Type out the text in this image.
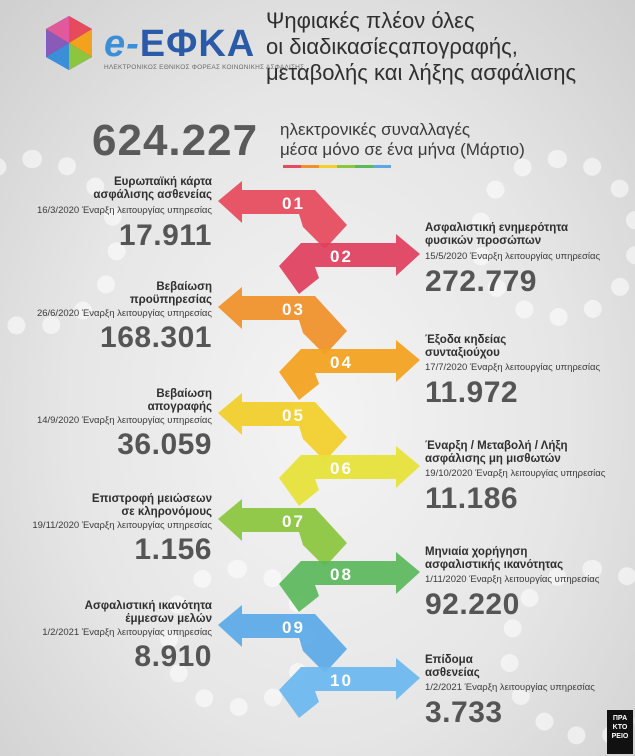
e-ΕΦΚΑ
ΗΛΕΚΤΡΟΝΙΚΟΣ ΕΘΝΙΚΟΣ ΦΟΡΕΑΣ ΚΟΙΝΩΝΙΚΗΣ ΑΣΦΑΛΙΣΗΣ
Ψηφιακές πλέον όλες
οι διαδικασίεςαπογραφής,
μεταβολής και λήξης ασφάλισης
624.227 ηλεκτρονικές συναλλαγές
μέσα μόνο σε ένα μήνα (Μάρτιο)
01
02
03
04
05
06
07
08
09
10
Ευρωπαϊκή κάρτα
ασφάλισης ασθενείας
16/3/2020 Έναρξη λειτουργίας υπηρεσίας
17.911	Ασφαλιστική ενημερότητα
φυσικών προσώπων
15/5/2020 Έναρξη λειτουργίας υπηρεσίας
272.779
Βεβαίωση
προϋπηρεσίας
26/6/2020 Έναρξη λειτουργίας υπηρεσίας
168.301	Έξοδα κηδείας
συνταξιούχου
17/7/2020 Έναρξη λειτουργίας υπηρεσίας
11.972
Βεβαίωση
απογραφής
14/9/2020 Έναρξη λειτουργίας υπηρεσίας
36.059	Έναρξη / Μεταβολή / Λήξη
ασφάλισης μη μισθωτών
19/10/2020 Έναρξη λειτουργίας υπηρεσίας
11.186
Επιστροφή μειώσεων
σε κληρονόμους
19/11/2020 Έναρξη λειτουργίας υπηρεσίας
1.156	Μηνιαία χορήγηση
ασφαλιστικής ικανότητας
1/11/2020 Έναρξη λειτουργίας υπηρεσίας
92.220
Ασφαλιστική ικανότητα
έμμεσων μελών
1/2/2021 Έναρξη λειτουργίας υπηρεσίας
8.910	Επίδομα
ασθενείας
1/2/2021 Έναρξη λειτουργίας υπηρεσίας
3.733	ΠΡΑ ΚΤΟ ΡΕΙΟ
